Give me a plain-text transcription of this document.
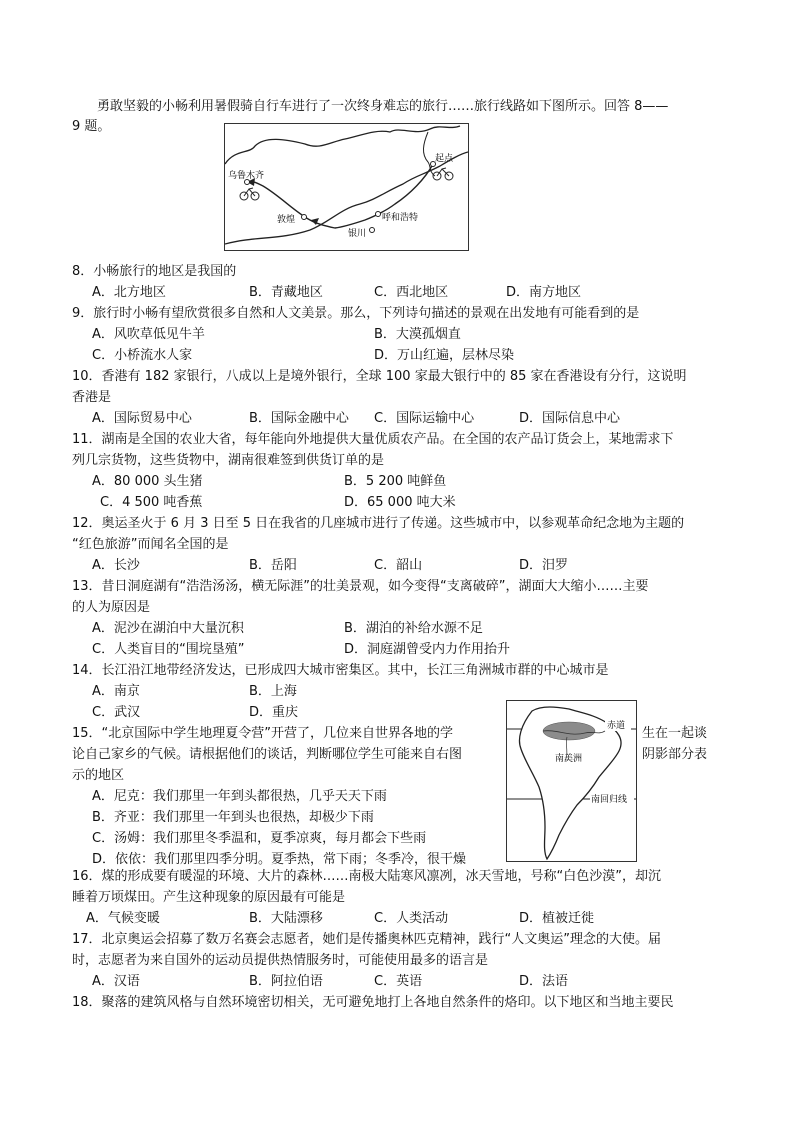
勇敢坚毅的小畅利用暑假骑自行车进行了一次终身难忘的旅行……旅行线路如下图所示。回答 8——
9 题。
起点
乌鲁木齐
呼和浩特
敦煌
银川
8．小畅旅行的地区是我国的
A．北方地区	B．青藏地区	C．西北地区	D．南方地区
9．旅行时小畅有望欣赏很多自然和人文美景。那么，下列诗句描述的景观在出发地有可能看到的是
A．风吹草低见牛羊	B．大漠孤烟直
C．小桥流水人家	D．万山红遍，层林尽染
10．香港有 182 家银行，八成以上是境外银行，全球 100 家最大银行中的 85 家在香港设有分行，这说明
香港是
A．国际贸易中心	B．国际金融中心 C．国际运输中心	D．国际信息中心
11．湖南是全国的农业大省，每年能向外地提供大量优质农产品。在全国的农产品订货会上，某地需求下
列几宗货物，这些货物中，湖南很难签到供货订单的是
A．80 000 头生猪	B．5 200 吨鲜鱼
C．4 500 吨香蕉	D．65 000 吨大米
12．奥运圣火于 6 月 3 日至 5 日在我省的几座城市进行了传递。这些城市中，以参观革命纪念地为主题的
“红色旅游”而闻名全国的是
A．长沙	B．岳阳	C．韶山	D．汨罗
13．昔日洞庭湖有“浩浩汤汤，横无际涯”的壮美景观，如今变得“支离破碎”，湖面大大缩小……主要
的人为原因是
A．泥沙在湖泊中大量沉积	B．湖泊的补给水源不足
C．人类盲目的“围垸垦殖”	D．洞庭湖曾受内力作用抬升
14．长江沿江地带经济发达，已形成四大城市密集区。其中，长江三角洲城市群的中心城市是
A．南京	B．上海
C．武汉	D．重庆
15．“北京国际中学生地理夏令营”开营了，几位来自世界各地的学	生在一起谈
论自己家乡的气候。请根据他们的谈话，判断哪位学生可能来自右图	阴影部分表
示的地区
A．尼克：我们那里一年到头都很热，几乎天天下雨
B．齐亚：我们那里一年到头也很热，却极少下雨
C．汤姆：我们那里冬季温和，夏季凉爽，每月都会下些雨
D．依依：我们那里四季分明。夏季热，常下雨；冬季冷，很干燥
赤道
南美洲
南回归线
16．煤的形成要有暖湿的环境、大片的森林……南极大陆寒风凛冽，冰天雪地，号称“白色沙漠”，却沉
睡着万顷煤田。产生这种现象的原因最有可能是
A．气候变暖	B．大陆漂移	C．人类活动	D．植被迁徙
17．北京奥运会招募了数万名赛会志愿者，她们是传播奥林匹克精神，践行“人文奥运”理念的大使。届
时，志愿者为来自国外的运动员提供热情服务时，可能使用最多的语言是
A．汉语	B．阿拉伯语	C．英语	D．法语
18．聚落的建筑风格与自然环境密切相关，无可避免地打上各地自然条件的烙印。以下地区和当地主要民
